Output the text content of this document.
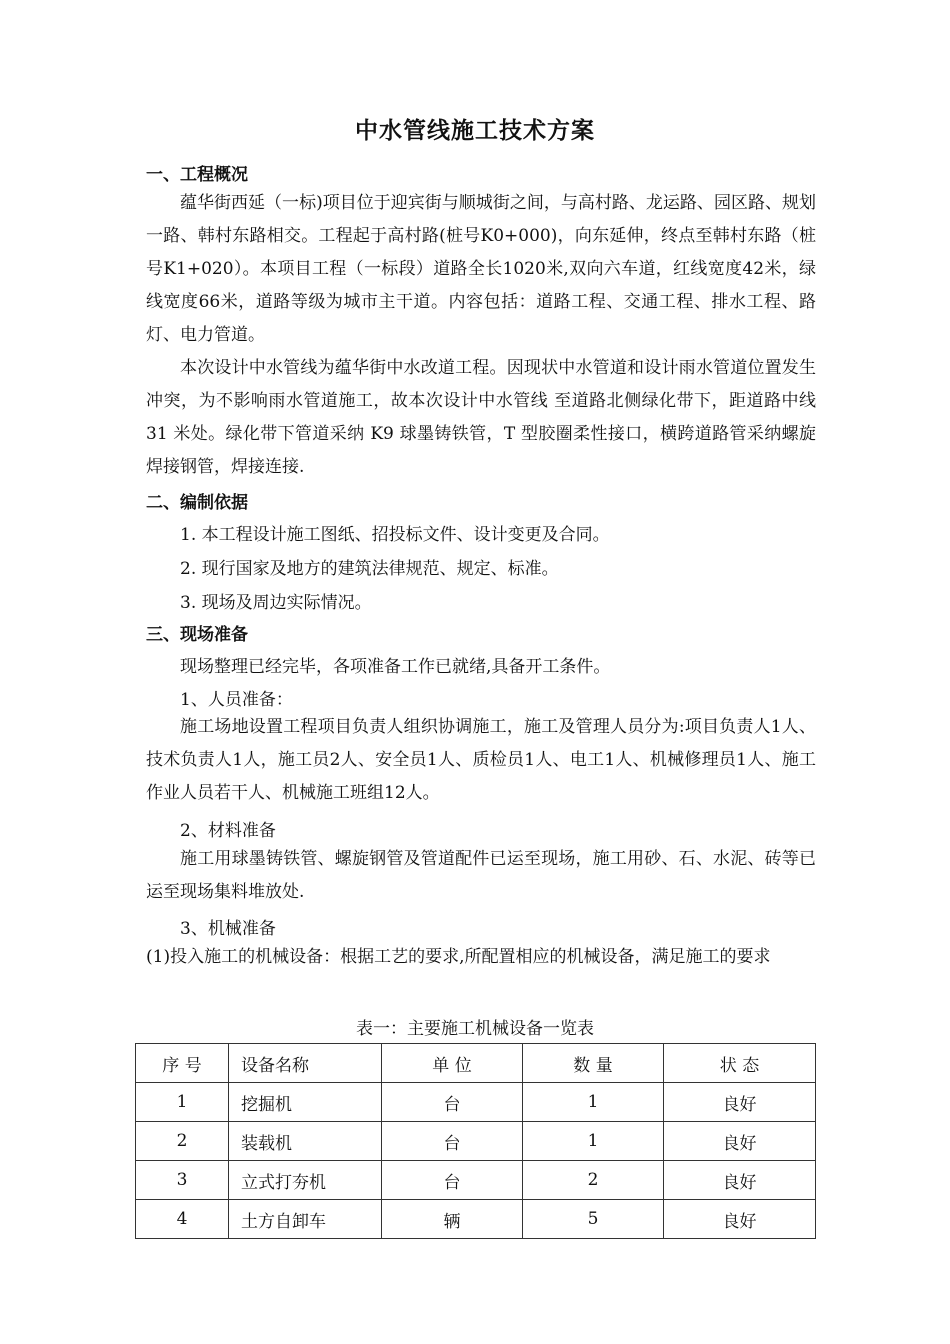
中水管线施工技术方案
一、工程概况

蕴华街西延（一标)项目位于迎宾街与顺城街之间，与高村路、龙运路、园区路、规划一路、韩村东路相交。工程起于高村路(桩号K0+000)，向东延伸，终点至韩村东路（桩号K1+020）。本项目工程（一标段）道路全长1020米,双向六车道，红线宽度42米，绿线宽度66米，道路等级为城市主干道。内容包括：道路工程、交通工程、排水工程、路灯、电力管道。

本次设计中水管线为蕴华街中水改道工程。因现状中水管道和设计雨水管道位置发生冲突，为不影响雨水管道施工，故本次设计中水管线 至道路北侧绿化带下，距道路中线 31 米处。绿化带下管道采纳 K9 球墨铸铁管，T 型胶圈柔性接口，横跨道路管采纳螺旋焊接钢管，焊接连接.

二、编制依据
1. 本工程设计施工图纸、招投标文件、设计变更及合同。
2. 现行国家及地方的建筑法律规范、规定、标准。
3. 现场及周边实际情况。
三、现场准备
现场整理已经完毕，各项准备工作已就绪,具备开工条件。
1、人员准备：

施工场地设置工程项目负责人组织协调施工，施工及管理人员分为:项目负责人1人、技术负责人1人，施工员2人、安全员1人、质检员1人、电工1人、机械修理员1人、施工作业人员若干人、机械施工班组12人。

2、材料准备

施工用球墨铸铁管、螺旋钢管及管道配件已运至现场，施工用砂、石、水泥、砖等已运至现场集料堆放处.

3、机械准备

(1)投入施工的机械设备：根据工艺的要求,所配置相应的机械设备，满足施工的要求

表一：主要施工机械设备一览表
序 号	设备名称	单 位	数 量	状 态
1	挖掘机	台	1	良好
2	装载机	台	1	良好
3	立式打夯机	台	2	良好
4	土方自卸车	辆	5	良好
